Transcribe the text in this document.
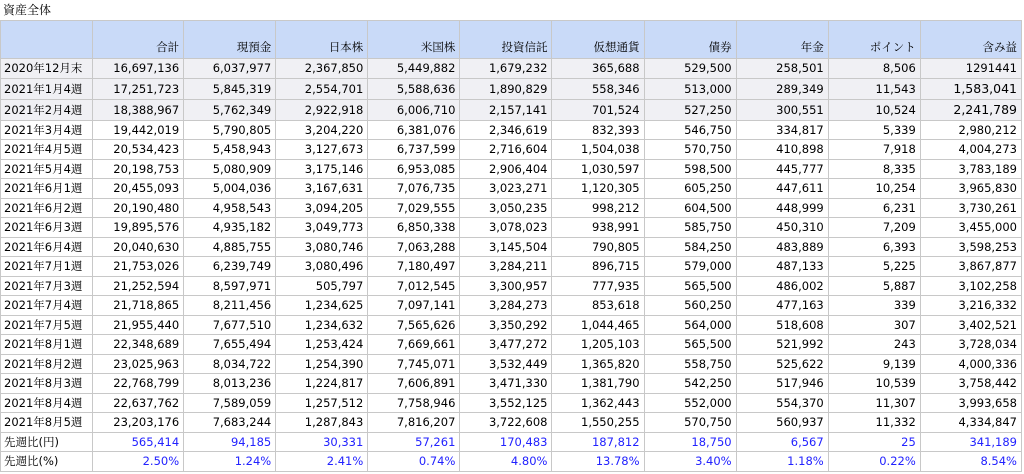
資産全体
	合計	現預金	日本株	米国株	投資信託	仮想通貨	債券	年金	ポイント	含み益
2020年12月末	16,697,136	6,037,977	2,367,850	5,449,882	1,679,232	365,688	529,500	258,501	8,506	1291441
2021年1月4週	17,251,723	5,845,319	2,554,701	5,588,636	1,890,829	558,346	513,000	289,349	11,543	1,583,041
2021年2月4週	18,388,967	5,762,349	2,922,918	6,006,710	2,157,141	701,524	527,250	300,551	10,524	2,241,789
2021年3月4週	19,442,019	5,790,805	3,204,220	6,381,076	2,346,619	832,393	546,750	334,817	5,339	2,980,212
2021年4月5週	20,534,423	5,458,943	3,127,673	6,737,599	2,716,604	1,504,038	570,750	410,898	7,918	4,004,273
2021年5月4週	20,198,753	5,080,909	3,175,146	6,953,085	2,906,404	1,030,597	598,500	445,777	8,335	3,783,189
2021年6月1週	20,455,093	5,004,036	3,167,631	7,076,735	3,023,271	1,120,305	605,250	447,611	10,254	3,965,830
2021年6月2週	20,190,480	4,958,543	3,094,205	7,029,555	3,050,235	998,212	604,500	448,999	6,231	3,730,261
2021年6月3週	19,895,576	4,935,182	3,049,773	6,850,338	3,078,023	938,991	585,750	450,310	7,209	3,455,000
2021年6月4週	20,040,630	4,885,755	3,080,746	7,063,288	3,145,504	790,805	584,250	483,889	6,393	3,598,253
2021年7月1週	21,753,026	6,239,749	3,080,496	7,180,497	3,284,211	896,715	579,000	487,133	5,225	3,867,877
2021年7月3週	21,252,594	8,597,971	505,797	7,012,545	3,300,957	777,935	565,500	486,002	5,887	3,102,258
2021年7月4週	21,718,865	8,211,456	1,234,625	7,097,141	3,284,273	853,618	560,250	477,163	339	3,216,332
2021年7月5週	21,955,440	7,677,510	1,234,632	7,565,626	3,350,292	1,044,465	564,000	518,608	307	3,402,521
2021年8月1週	22,348,689	7,655,494	1,253,424	7,669,661	3,477,272	1,205,103	565,500	521,992	243	3,728,034
2021年8月2週	23,025,963	8,034,722	1,254,390	7,745,071	3,532,449	1,365,820	558,750	525,622	9,139	4,000,336
2021年8月3週	22,768,799	8,013,236	1,224,817	7,606,891	3,471,330	1,381,790	542,250	517,946	10,539	3,758,442
2021年8月4週	22,637,762	7,589,059	1,257,512	7,758,946	3,552,125	1,362,443	552,000	554,370	11,307	3,993,658
2021年8月5週	23,203,176	7,683,244	1,287,843	7,816,207	3,722,608	1,550,255	570,750	560,937	11,332	4,334,847
先週比(円)	565,414	94,185	30,331	57,261	170,483	187,812	18,750	6,567	25	341,189
先週比(%)	2.50%	1.24%	2.41%	0.74%	4.80%	13.78%	3.40%	1.18%	0.22%	8.54%
